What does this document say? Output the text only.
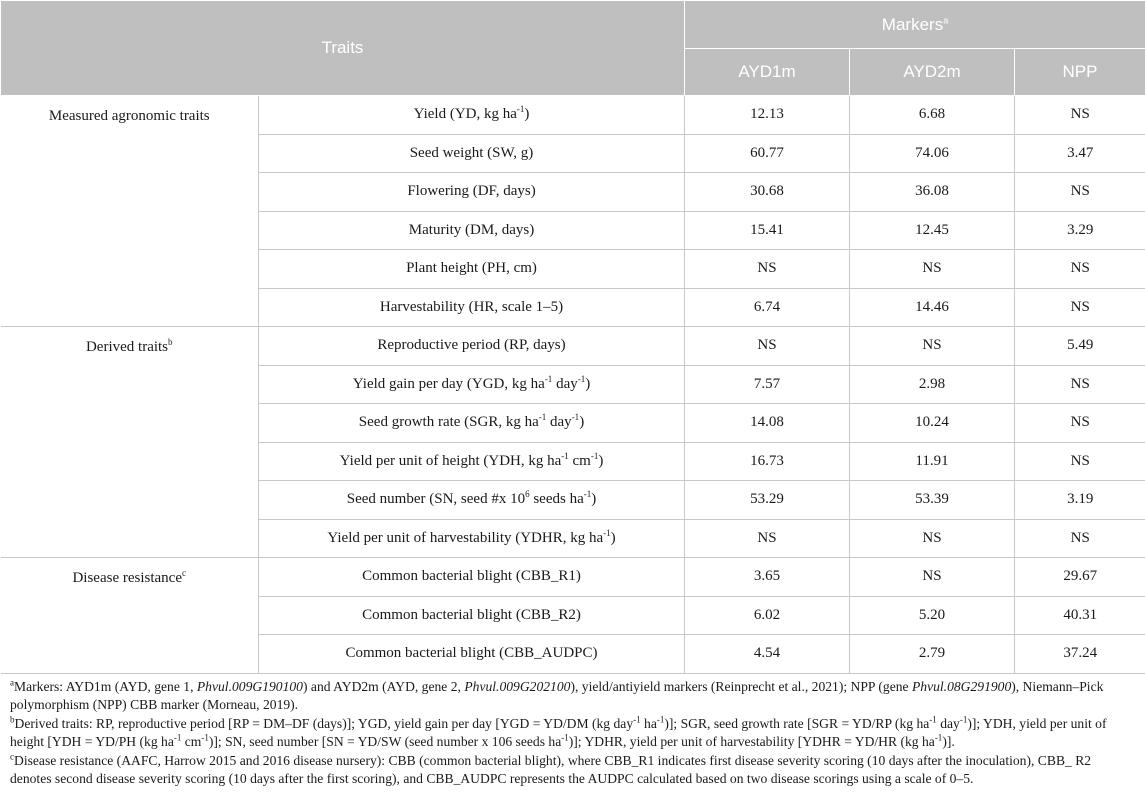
Traits		Markers$^a$
		AYD1m	AYD2m	NPP
Measured agronomic traits	Yield (YD, kg $ha^{-1}$)	12.13	6.68	NS
	Seed weight (SW, g)	60.77	74.06	3.47
	Flowering (DF, days)	30.68	36.08	NS
	Maturity (DM, days)	15.41	12.45	3.29
	Plant height (PH, cm)	NS	NS	NS
	Harvestability (HR, scale 1–5)	6.74	14.46	NS
Derived traits$^b$	Reproductive period (RP, days)	NS	NS	5.49
	Yield gain per day (YGD, kg $ha^{-1}$ day$^{-1}$)	7.57	2.98	NS
	Seed growth rate (SGR, kg $ha^{-1}$ day$^{-1}$)	14.08	10.24	NS
	Yield per unit of height (YDH, kg $ha^{-1}$ $cm^{-1}$)	16.73	11.91	NS
	Seed number (SN, seed #x $10^6$ seeds $ha^{-1}$)	53.29	53.39	3.19
	Yield per unit of harvestability (YDHR, kg $ha^{-1}$)	NS	NS	NS
Disease resistance$^c$	Common bacterial blight (CBB_R1)	3.65	NS	29.67
	Common bacterial blight (CBB_R2)	6.02	5.20	40.31
	Common bacterial blight (CBB_AUDPC)	4.54	2.79	37.24

$^a$Markers: AYD1m (AYD, gene 1, Phvul.009G190100) and AYD2m (AYD, gene 2, Phvul.009G202100), yield/antiyield markers (Reinprecht et al., 2021); NPP (gene Phvul.08G291900), Niemann–Pick polymorphism (NPP) CBB marker (Morneau, 2019).

$^b$Derived traits: RP, reproductive period [RP = DM–DF (days)]; YGD, yield gain per day [YGD = YD/DM (kg day$^{-1}$ $ha^{-1}$)]; SGR, seed growth rate [SGR = YD/RP (kg $ha^{-1}$ day$^{-1}$)]; YDH, yield per unit of height [YDH = YD/PH (kg $ha^{-1}$ $cm^{-1}$)]; SN, seed number [SN = YD/SW (seed number x 106 seeds $ha^{-1}$)]; YDHR, yield per unit of harvestability [YDHR = YD/HR (kg $ha^{-1}$)].

$^c$Disease resistance (AAFC, Harrow 2015 and 2016 disease nursery): CBB (common bacterial blight), where CBB_R1 indicates first disease severity scoring (10 days after the inoculation), CBB_ R2 denotes second disease severity scoring (10 days after the first scoring), and CBB_AUDPC represents the AUDPC calculated based on two disease scorings using a scale of 0–5.
